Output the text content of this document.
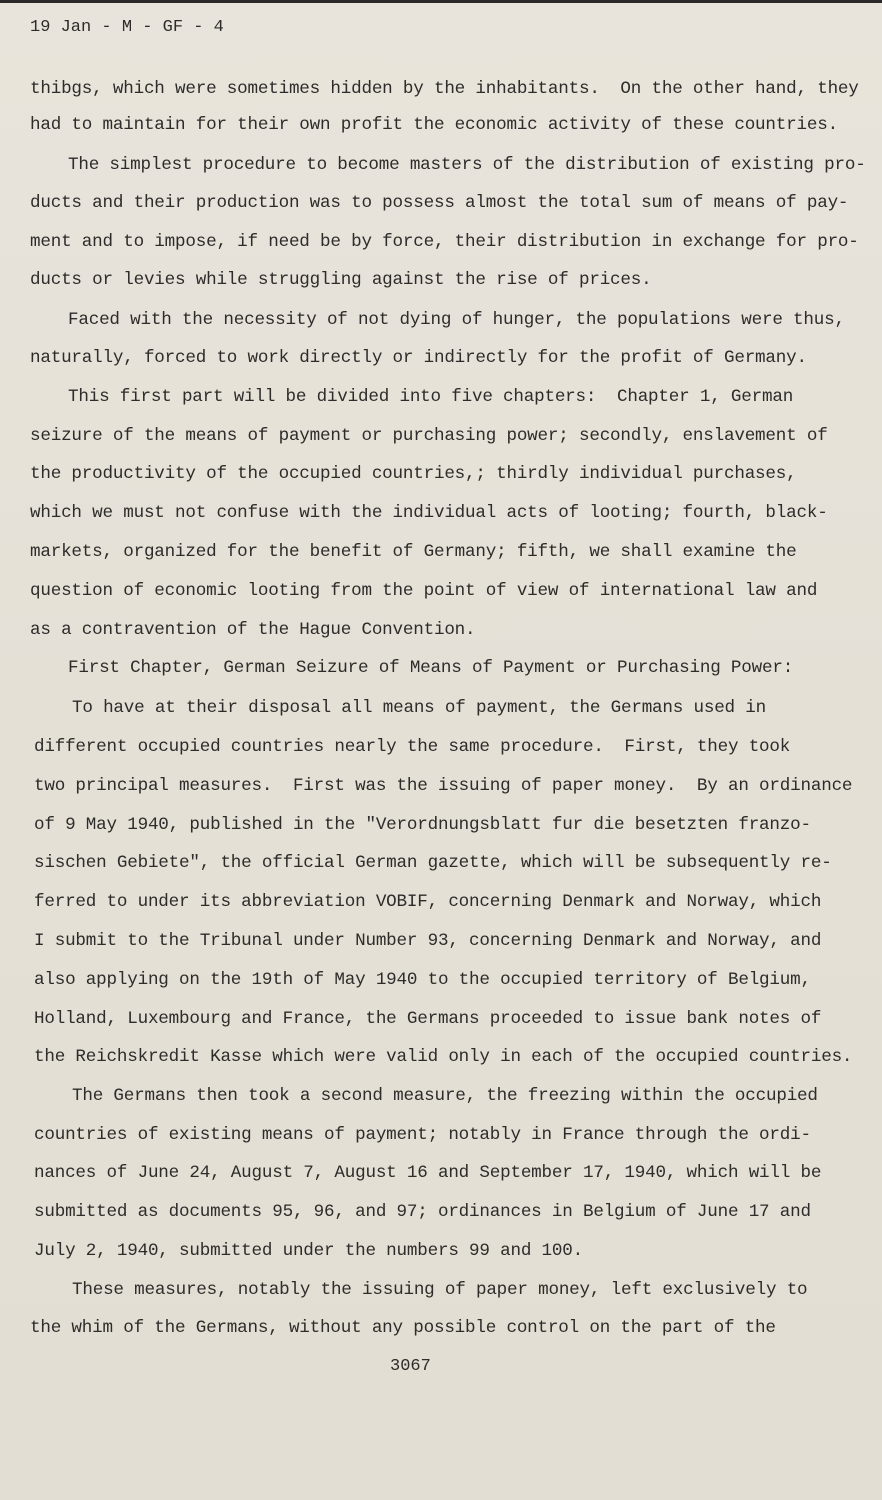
19 Jan - M - GF - 4
thibgs, which were sometimes hidden by the inhabitants.  On the other hand, they
had to maintain for their own profit the economic activity of these countries.
The simplest procedure to become masters of the distribution of existing pro-
ducts and their production was to possess almost the total sum of means of pay-
ment and to impose, if need be by force, their distribution in exchange for pro-
ducts or levies while struggling against the rise of prices.
Faced with the necessity of not dying of hunger, the populations were thus,
naturally, forced to work directly or indirectly for the profit of Germany.
This first part will be divided into five chapters:  Chapter 1, German
seizure of the means of payment or purchasing power; secondly, enslavement of
the productivity of the occupied countries,; thirdly individual purchases,
which we must not confuse with the individual acts of looting; fourth, black-
markets, organized for the benefit of Germany; fifth, we shall examine the
question of economic looting from the point of view of international law and
as a contravention of the Hague Convention.
First Chapter, German Seizure of Means of Payment or Purchasing Power:
To have at their disposal all means of payment, the Germans used in
different occupied countries nearly the same procedure.  First, they took
two principal measures.  First was the issuing of paper money.  By an ordinance
of 9 May 1940, published in the "Verordnungsblatt fur die besetzten franzo-
sischen Gebiete", the official German gazette, which will be subsequently re-
ferred to under its abbreviation VOBIF, concerning Denmark and Norway, which
I submit to the Tribunal under Number 93, concerning Denmark and Norway, and
also applying on the 19th of May 1940 to the occupied territory of Belgium,
Holland, Luxembourg and France, the Germans proceeded to issue bank notes of
the Reichskredit Kasse which were valid only in each of the occupied countries.
The Germans then took a second measure, the freezing within the occupied
countries of existing means of payment; notably in France through the ordi-
nances of June 24, August 7, August 16 and September 17, 1940, which will be
submitted as documents 95, 96, and 97; ordinances in Belgium of June 17 and
July 2, 1940, submitted under the numbers 99 and 100.
These measures, notably the issuing of paper money, left exclusively to
the whim of the Germans, without any possible control on the part of the
3067
